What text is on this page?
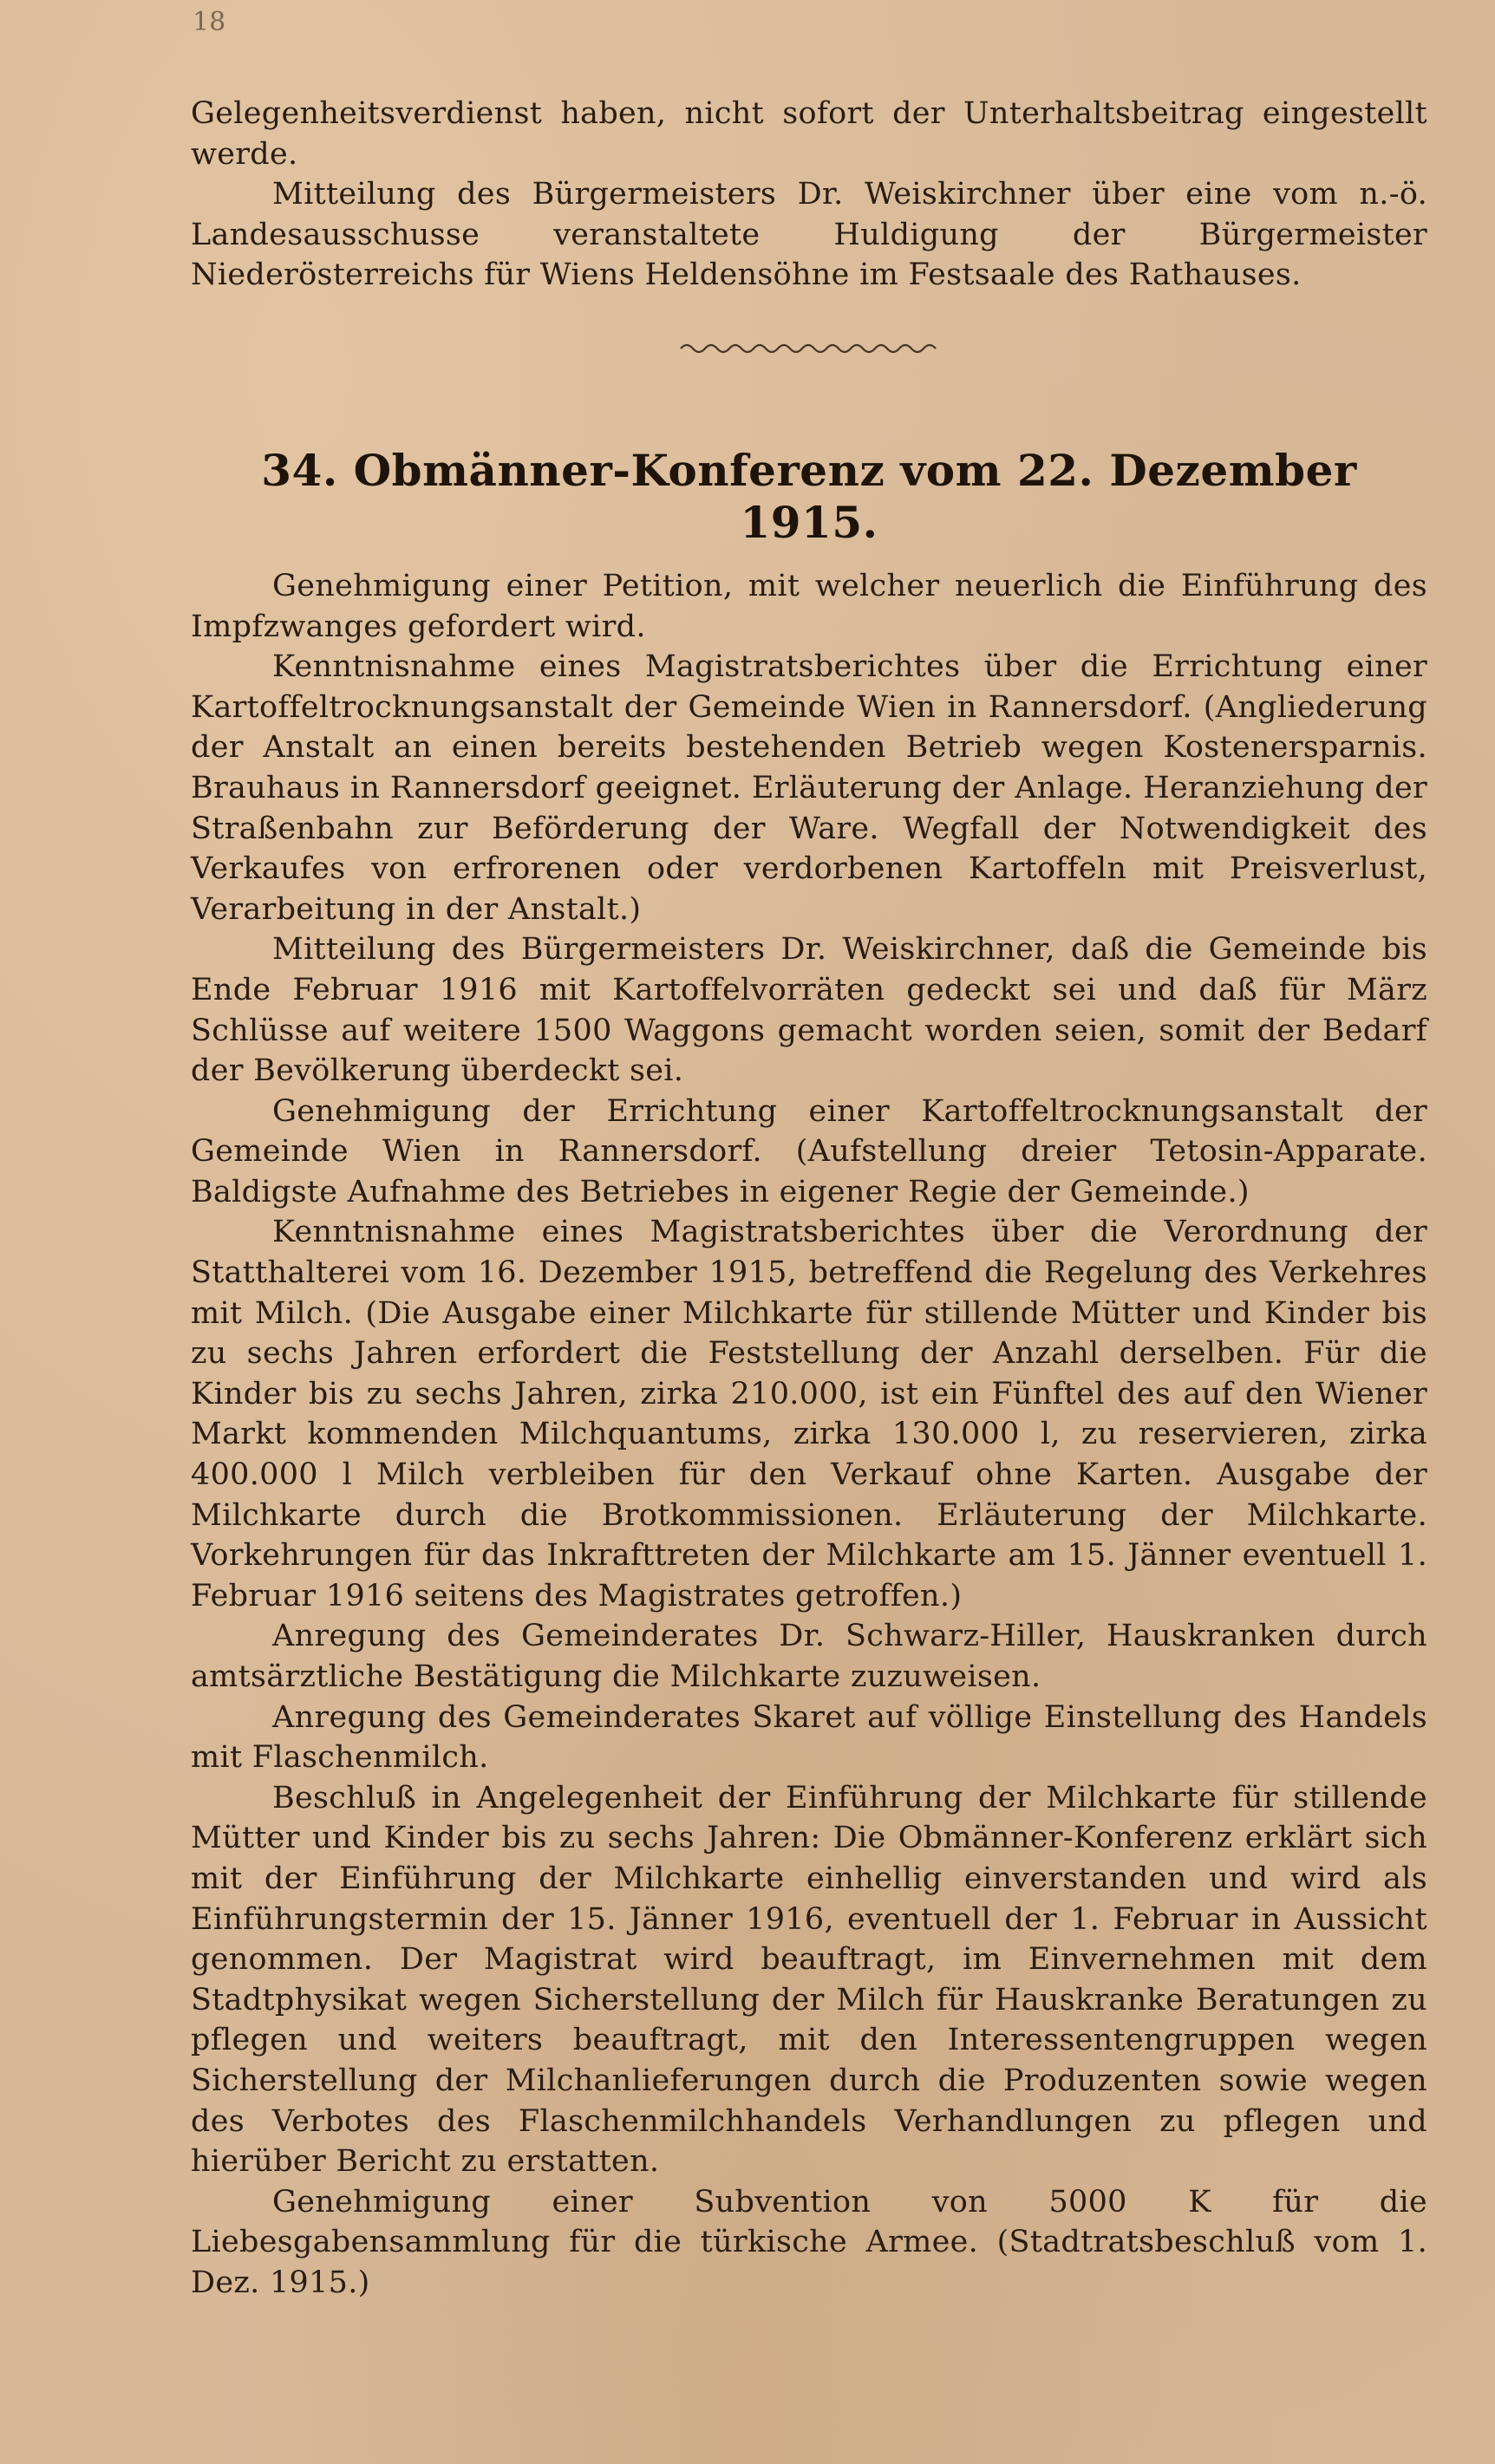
18

Gelegenheitsverdienst haben, nicht sofort der Unterhaltsbeitrag eingestellt werde.

Mitteilung des Bürgermeisters Dr. Weiskirchner über eine vom n.-ö. Landesausschusse veranstaltete Huldigung der Bürgermeister Niederösterreichs für Wiens Heldensöhne im Festsaale des Rathauses.

34. Obmänner-Konferenz vom 22. Dezember 1915.

Genehmigung einer Petition, mit welcher neuerlich die Einführung des Impfzwanges gefordert wird.

Kenntnisnahme eines Magistratsberichtes über die Errichtung einer Kartoffeltrocknungsanstalt der Gemeinde Wien in Rannersdorf. (Angliederung der Anstalt an einen bereits bestehenden Betrieb wegen Kostenersparnis. Brauhaus in Rannersdorf geeignet. Erläuterung der Anlage. Heranziehung der Straßenbahn zur Beförderung der Ware. Wegfall der Notwendigkeit des Verkaufes von erfrorenen oder verdorbenen Kartoffeln mit Preisverlust, Verarbeitung in der Anstalt.)

Mitteilung des Bürgermeisters Dr. Weiskirchner, daß die Gemeinde bis Ende Februar 1916 mit Kartoffelvorräten gedeckt sei und daß für März Schlüsse auf weitere 1500 Waggons gemacht worden seien, somit der Bedarf der Bevölkerung überdeckt sei.

Genehmigung der Errichtung einer Kartoffeltrocknungsanstalt der Gemeinde Wien in Rannersdorf. (Aufstellung dreier Tetosin-Apparate. Baldigste Aufnahme des Betriebes in eigener Regie der Gemeinde.)

Kenntnisnahme eines Magistratsberichtes über die Verordnung der Statthalterei vom 16. Dezember 1915, betreffend die Regelung des Verkehres mit Milch. (Die Ausgabe einer Milchkarte für stillende Mütter und Kinder bis zu sechs Jahren erfordert die Feststellung der Anzahl derselben. Für die Kinder bis zu sechs Jahren, zirka 210.000, ist ein Fünftel des auf den Wiener Markt kommenden Milchquantums, zirka 130.000 l, zu reservieren, zirka 400.000 l Milch verbleiben für den Verkauf ohne Karten. Ausgabe der Milchkarte durch die Brotkommissionen. Erläuterung der Milchkarte. Vorkehrungen für das Inkrafttreten der Milchkarte am 15. Jänner eventuell 1. Februar 1916 seitens des Magistrates getroffen.)

Anregung des Gemeinderates Dr. Schwarz-Hiller, Hauskranken durch amtsärztliche Bestätigung die Milchkarte zuzuweisen.

Anregung des Gemeinderates Skaret auf völlige Einstellung des Handels mit Flaschenmilch.

Beschluß in Angelegenheit der Einführung der Milchkarte für stillende Mütter und Kinder bis zu sechs Jahren: Die Obmänner-Konferenz erklärt sich mit der Einführung der Milchkarte einhellig einverstanden und wird als Einführungstermin der 15. Jänner 1916, eventuell der 1. Februar in Aussicht genommen. Der Magistrat wird beauftragt, im Einvernehmen mit dem Stadtphysikat wegen Sicherstellung der Milch für Hauskranke Beratungen zu pflegen und weiters beauftragt, mit den Interessentengruppen wegen Sicherstellung der Milchanlieferungen durch die Produzenten sowie wegen des Verbotes des Flaschenmilchhandels Verhandlungen zu pflegen und hierüber Bericht zu erstatten.

Genehmigung einer Subvention von 5000 K für die Liebesgabensammlung für die türkische Armee. (Stadtratsbeschluß vom 1. Dez. 1915.)
